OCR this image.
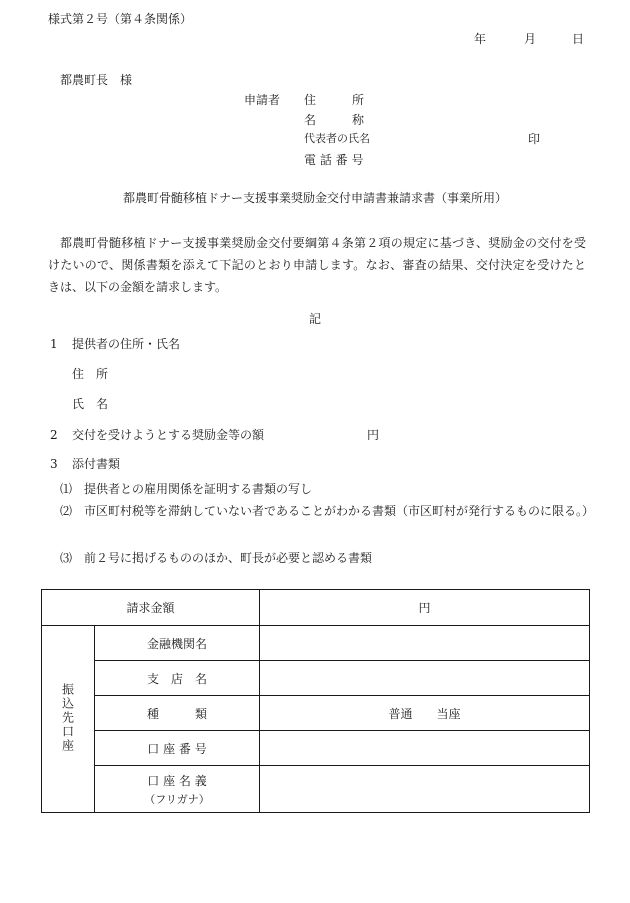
様式第２号（第４条関係）
年	月	日
都農町長　様
申請者 住　　　所
名　　　称
代表者の氏名	印
電 話 番 号
都農町骨髄移植ドナー支援事業奨励金交付申請書兼請求書（事業所用）
都農町骨髄移植ドナー支援事業奨励金交付要綱第４条第２項の規定に基づき、奨励金の交付を受けたいので、関係書類を添えて下記のとおり申請します。なお、審査の結果、交付決定を受けたときは、以下の金額を請求します。
記
1 提供者の住所・氏名
住　所
氏　名
2 交付を受けようとする奨励金等の額	円
3 添付書類
⑴ 提供者との雇用関係を証明する書類の写し
⑵ 市区町村税等を滞納していない者であることがわかる書類（市区町村が発行するものに限る。）
⑶ 前２号に掲げるもののほか、町長が必要と認める書類
請求金額		円
振込先口座	金融機関名	
	支　店　名	
	種　　　類	普通　　当座
	口 座 番 号	
	口 座 名 義
（フリガナ）	
